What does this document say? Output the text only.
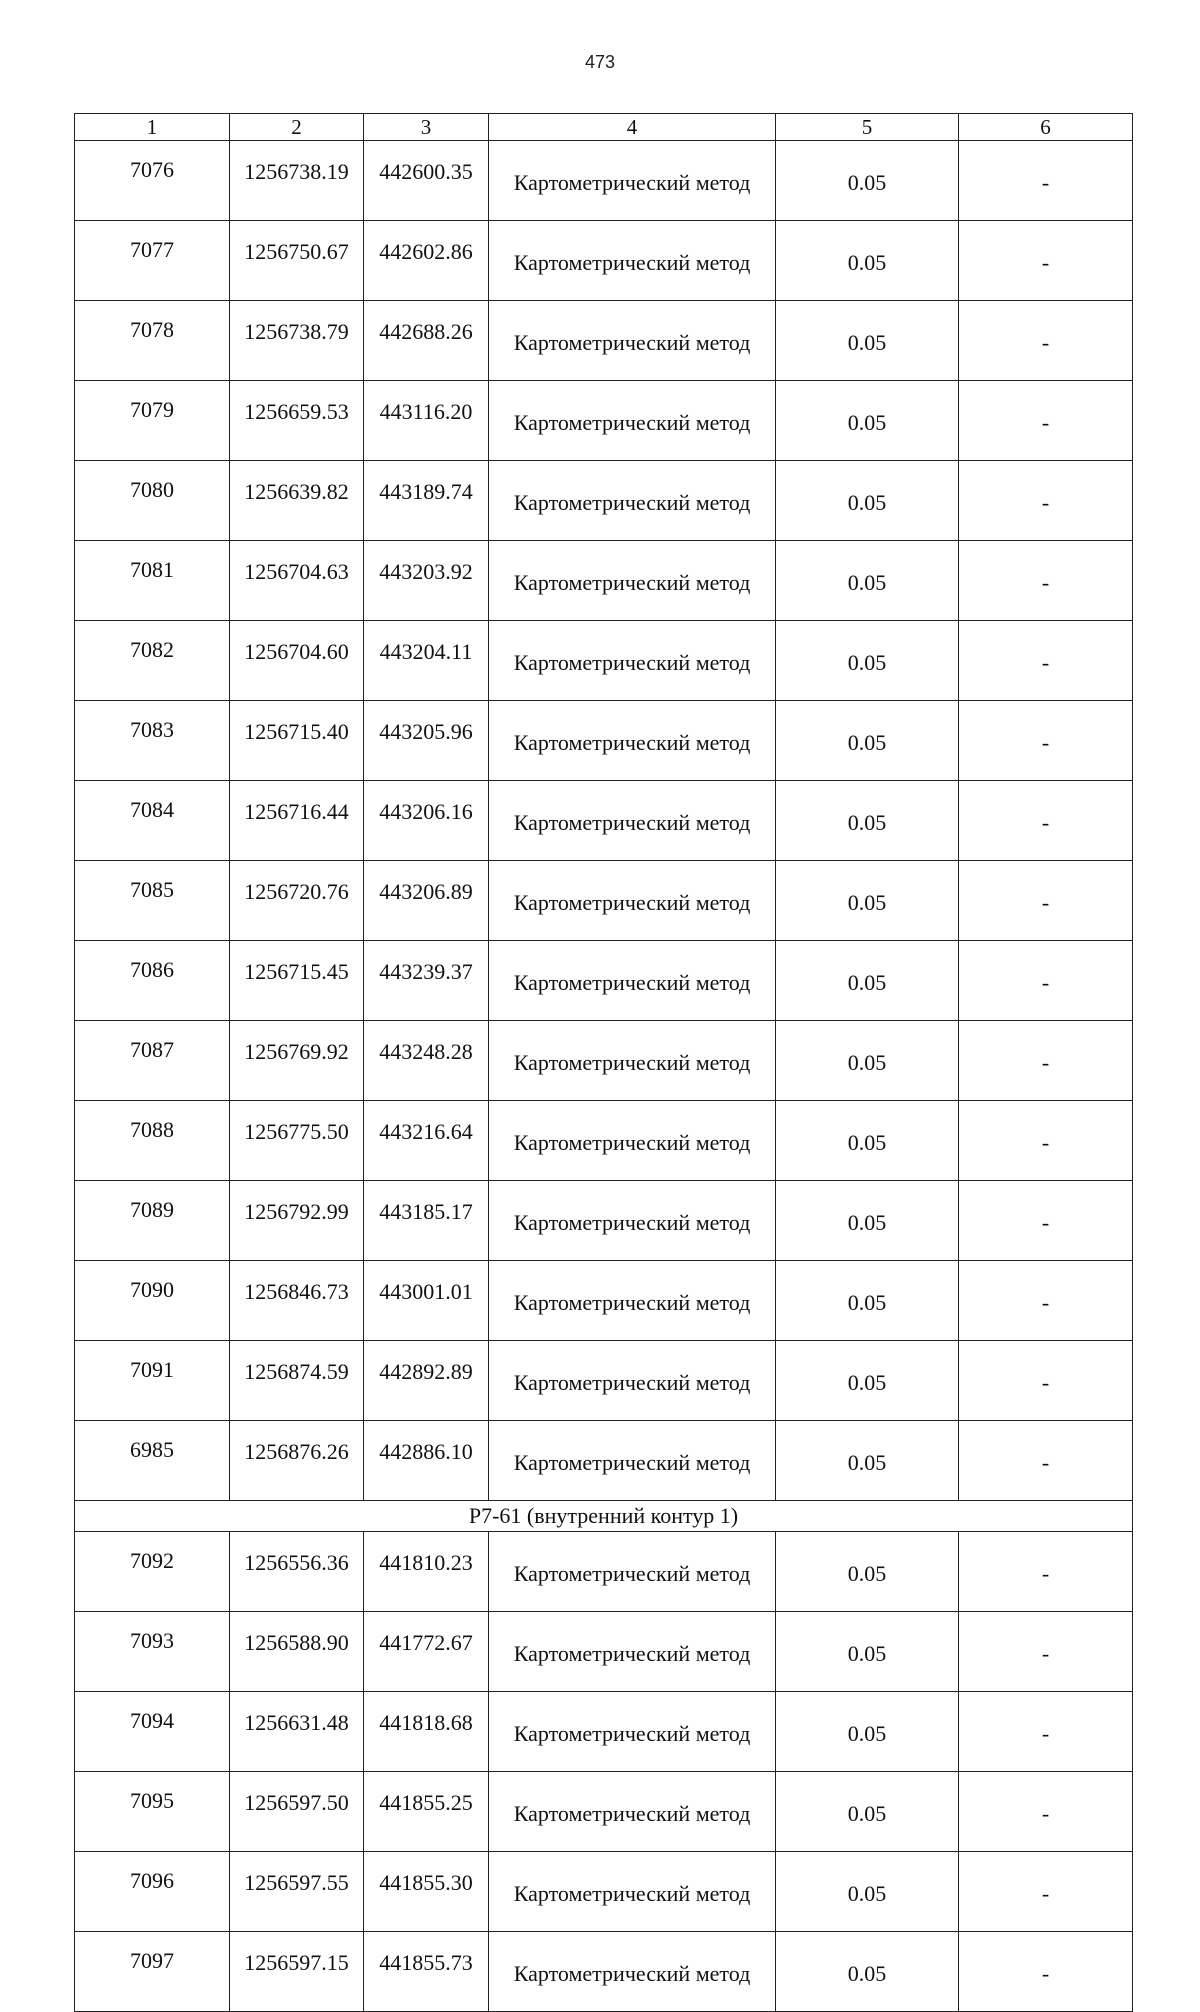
473
1	2	3	4	5	6
7076	1256738.19	442600.35	Картометрический метод	0.05	-
7077	1256750.67	442602.86	Картометрический метод	0.05	-
7078	1256738.79	442688.26	Картометрический метод	0.05	-
7079	1256659.53	443116.20	Картометрический метод	0.05	-
7080	1256639.82	443189.74	Картометрический метод	0.05	-
7081	1256704.63	443203.92	Картометрический метод	0.05	-
7082	1256704.60	443204.11	Картометрический метод	0.05	-
7083	1256715.40	443205.96	Картометрический метод	0.05	-
7084	1256716.44	443206.16	Картометрический метод	0.05	-
7085	1256720.76	443206.89	Картометрический метод	0.05	-
7086	1256715.45	443239.37	Картометрический метод	0.05	-
7087	1256769.92	443248.28	Картометрический метод	0.05	-
7088	1256775.50	443216.64	Картометрический метод	0.05	-
7089	1256792.99	443185.17	Картометрический метод	0.05	-
7090	1256846.73	443001.01	Картометрический метод	0.05	-
7091	1256874.59	442892.89	Картометрический метод	0.05	-
6985	1256876.26	442886.10	Картометрический метод	0.05	-
Р7-61 (внутренний контур 1)					
7092	1256556.36	441810.23	Картометрический метод	0.05	-
7093	1256588.90	441772.67	Картометрический метод	0.05	-
7094	1256631.48	441818.68	Картометрический метод	0.05	-
7095	1256597.50	441855.25	Картометрический метод	0.05	-
7096	1256597.55	441855.30	Картометрический метод	0.05	-
7097	1256597.15	441855.73	Картометрический метод	0.05	-
